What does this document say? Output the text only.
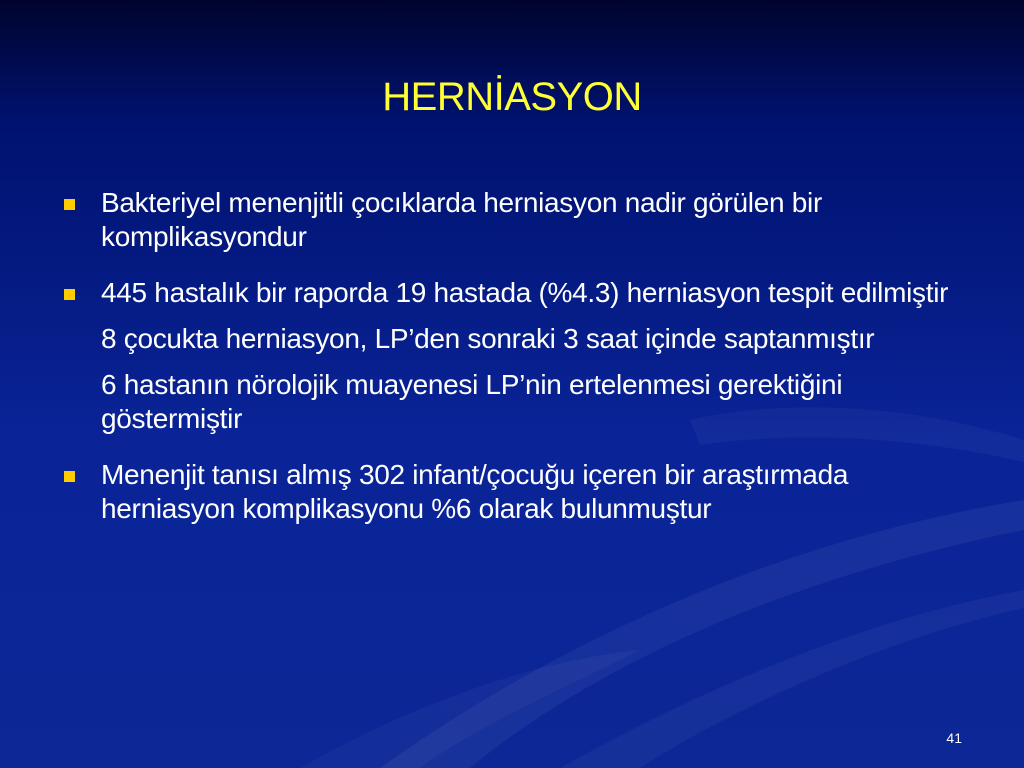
HERNİASYON
Bakteriyel menenjitli çocıklarda herniasyon nadir görülen bir komplikasyondur
445 hastalık bir raporda 19 hastada (%4.3) herniasyon tespit edilmiştir
8 çocukta herniasyon, LP’den sonraki 3 saat içinde saptanmıştır
6 hastanın nörolojik muayenesi LP’nin ertelenmesi gerektiğini göstermiştir
Menenjit tanısı almış 302 infant/çocuğu içeren bir araştırmada herniasyon komplikasyonu %6 olarak bulunmuştur
41
